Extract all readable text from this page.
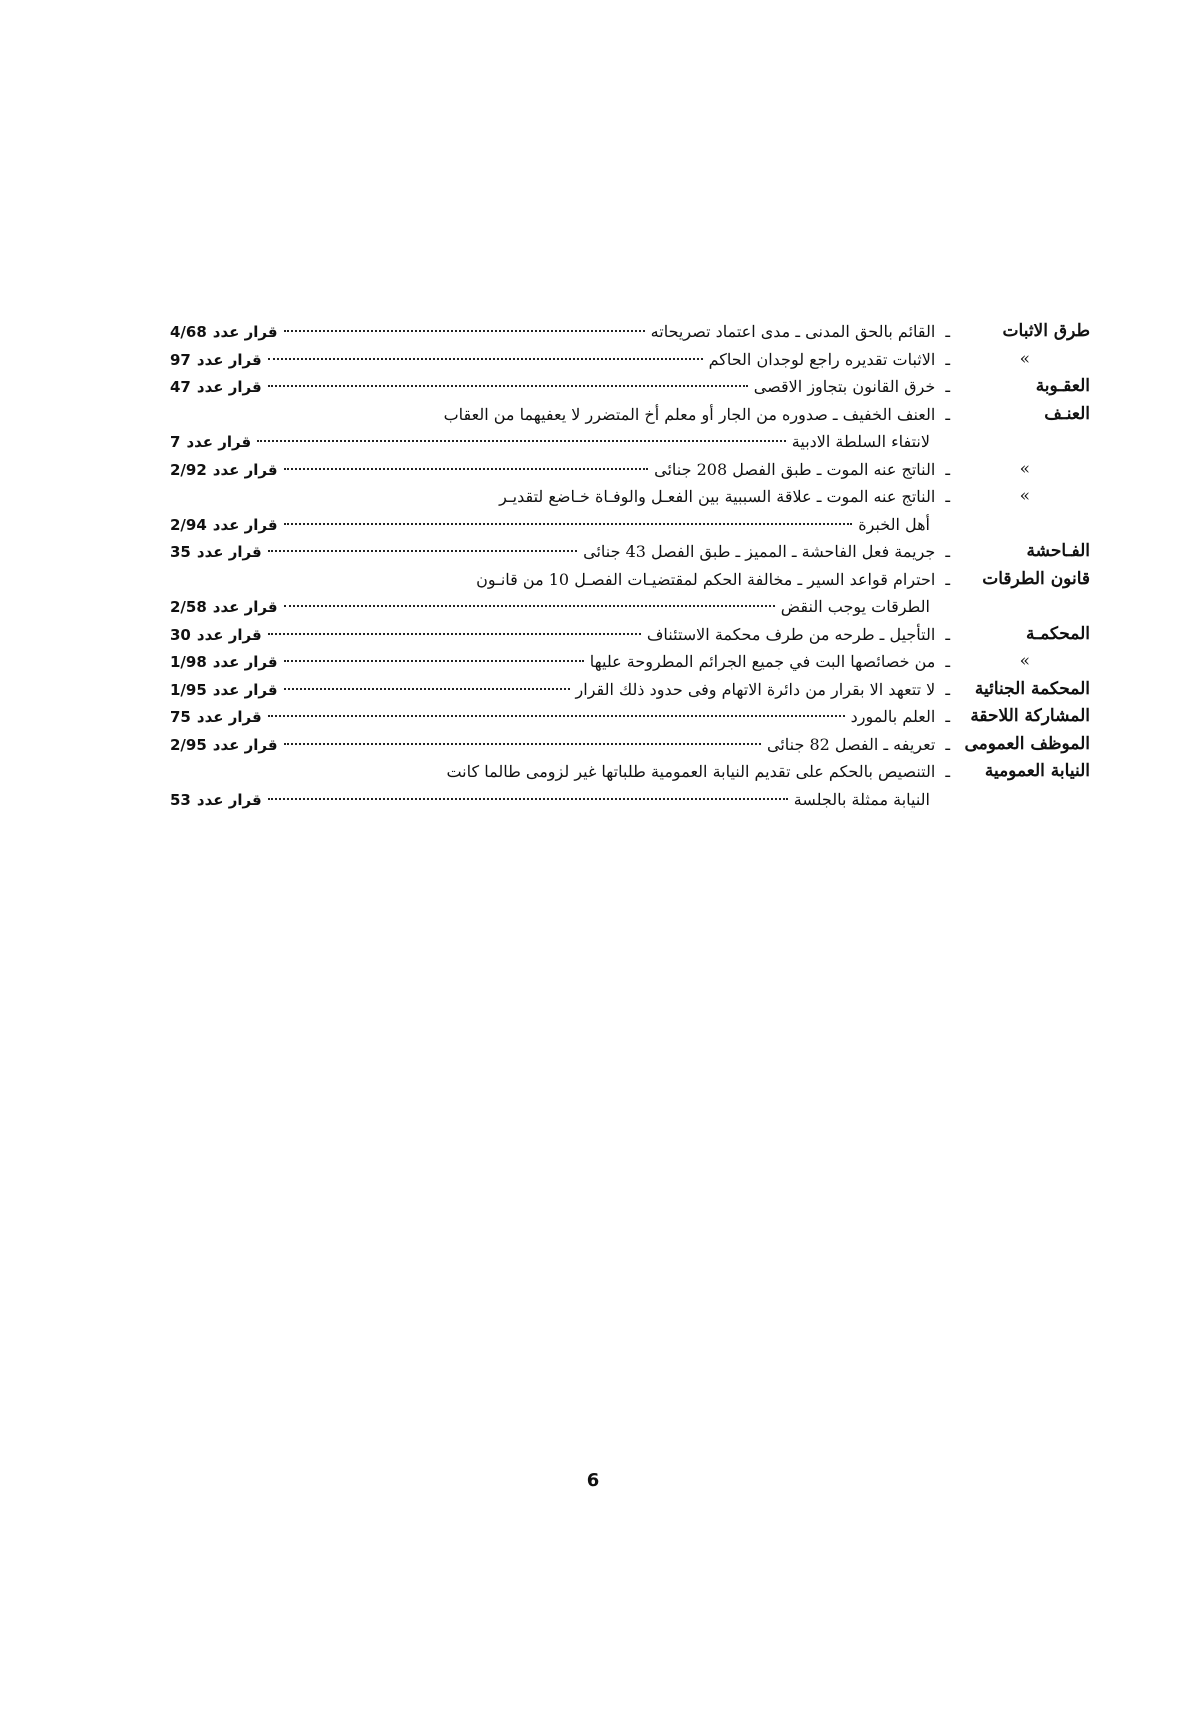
طرق الاثبات
ـ
القائم بالحق المدنى ـ مدى اعتماد تصريحاته
قرار عدد4/68
»
ـ
الاثبات تقديره راجع لوجدان الحاكم
قرار عدد97
العقـوبة
ـ
خرق القانون بتجاوز الاقصى
قرار عدد47
العنـف
ـ
العنف الخفيف ـ صدوره من الجار أو معلم أخ المتضرر لا يعفيهما من العقاب
لانتفاء السلطة الادبية
قرار عدد7
»
ـ
الناتج عنه الموت ـ طبق الفصل 208 جنائى
قرار عدد2/92
»
ـ
الناتج عنه الموت ـ علاقة السببية بين الفعـل والوفـاة خـاضع لتقديـر
أهل الخبرة
قرار عدد2/94
الفـاحشة
ـ
جريمة فعل الفاحشة ـ المميز ـ طبق الفصل 43 جنائى
قرار عدد35
قانون الطرقات
ـ
احترام قواعد السير ـ مخالفة الحكم لمقتضيـات الفصـل 10 من قانـون
الطرقات يوجب النقض
قرار عدد2/58
المحكمـة
ـ
التأجيل ـ طرحه من طرف محكمة الاستئناف
قرار عدد30
»
ـ
من خصائصها البت في جميع الجرائم المطروحة عليها
قرار عدد1/98
المحكمة الجنائية
ـ
لا تتعهد الا بقرار من دائرة الاتهام وفى حدود ذلك القرار
قرار عدد1/95
المشاركة اللاحقة
ـ
العلم بالمورد
قرار عدد75
الموظف العمومى
ـ
تعريفه ـ الفصل 82 جنائى
قرار عدد2/95
النيابة العمومية
ـ
التنصيص بالحكم على تقديم النيابة العمومية طلباتها غير لزومى طالما كانت
النيابة ممثلة بالجلسة
قرار عدد53
6
